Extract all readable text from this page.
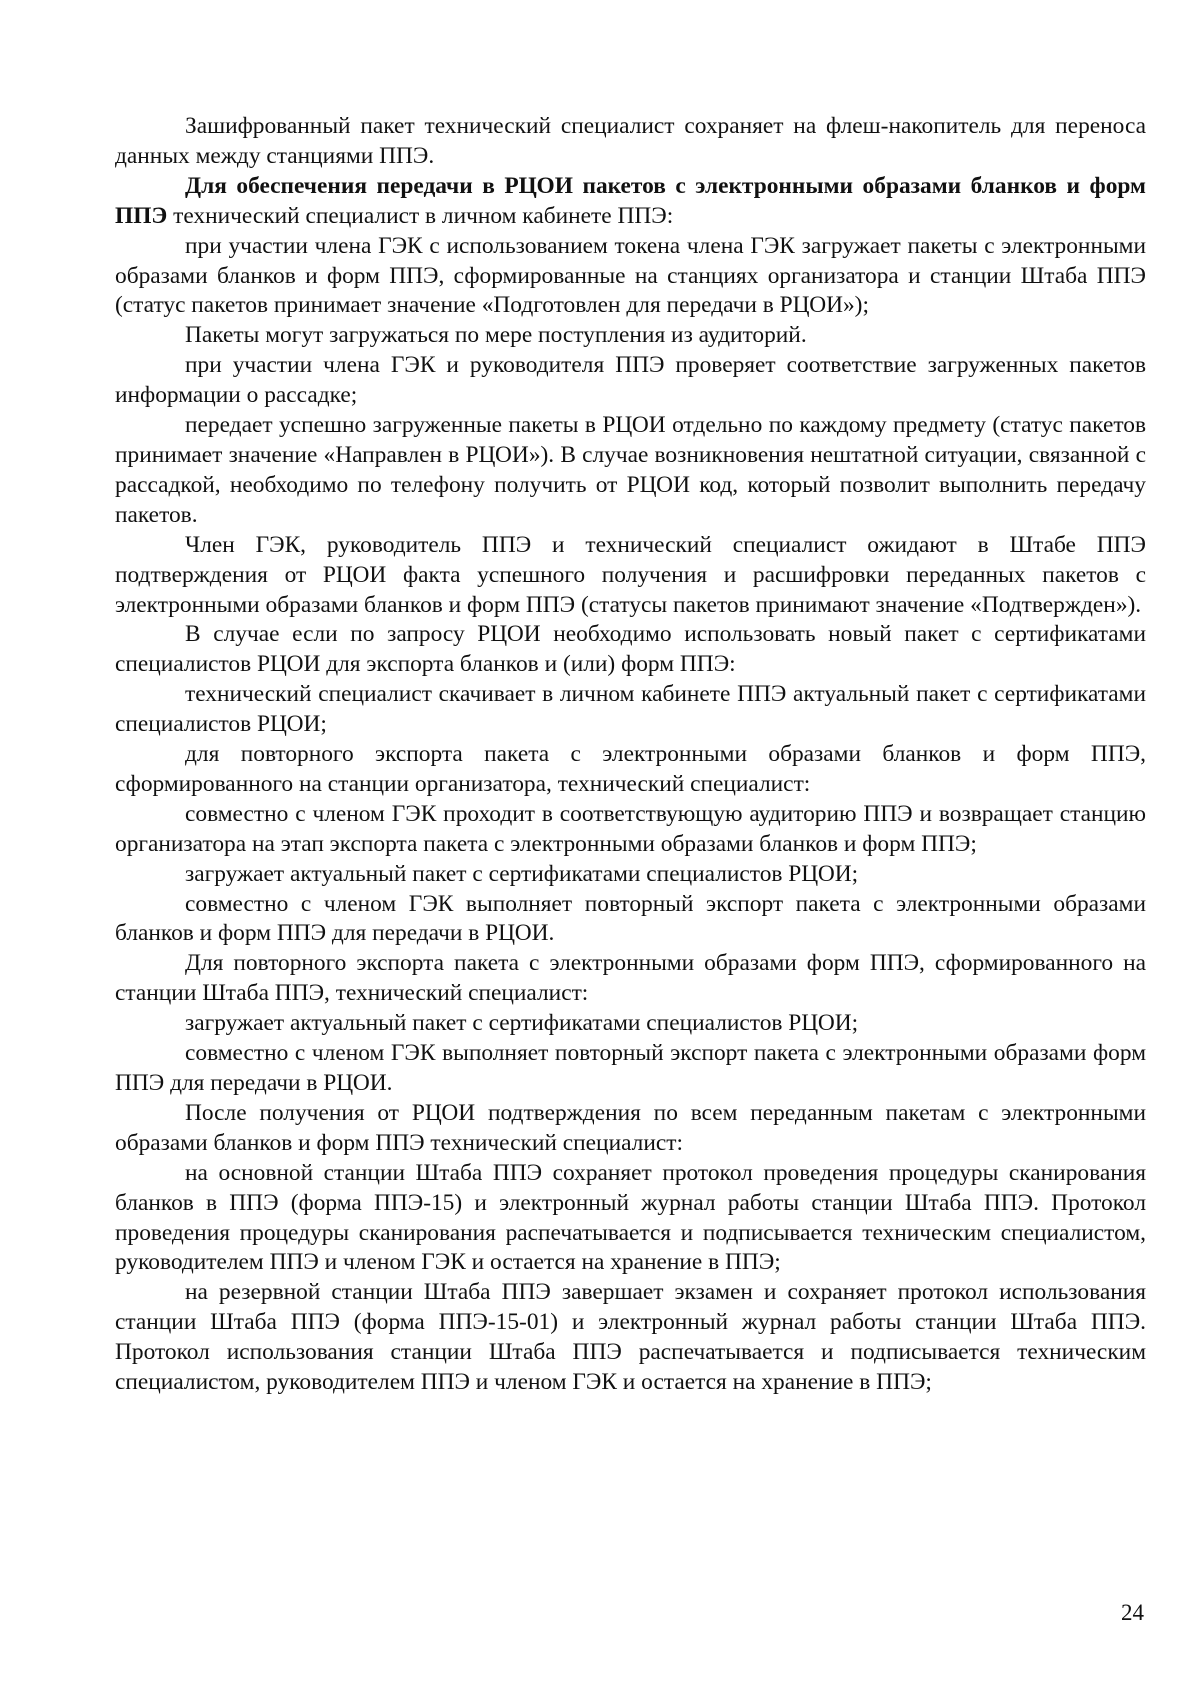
Зашифрованный пакет технический специалист сохраняет на флеш-накопитель для переноса данных между станциями ППЭ.

Для обеспечения передачи в РЦОИ пакетов с электронными образами бланков и форм ППЭ технический специалист в личном кабинете ППЭ:

при участии члена ГЭК с использованием токена члена ГЭК загружает пакеты с электронными образами бланков и форм ППЭ, сформированные на станциях организатора и станции Штаба ППЭ (статус пакетов принимает значение «Подготовлен для передачи в РЦОИ»);

Пакеты могут загружаться по мере поступления из аудиторий.

при участии члена ГЭК и руководителя ППЭ проверяет соответствие загруженных пакетов информации о рассадке;

передает успешно загруженные пакеты в РЦОИ отдельно по каждому предмету (статус пакетов принимает значение «Направлен в РЦОИ»). В случае возникновения нештатной ситуации, связанной с рассадкой, необходимо по телефону получить от РЦОИ код, который позволит выполнить передачу пакетов.

Член ГЭК, руководитель ППЭ и технический специалист ожидают в Штабе ППЭ подтверждения от РЦОИ факта успешного получения и расшифровки переданных пакетов с электронными образами бланков и форм ППЭ (статусы пакетов принимают значение «Подтвержден»).

В случае если по запросу РЦОИ необходимо использовать новый пакет с сертификатами специалистов РЦОИ для экспорта бланков и (или) форм ППЭ:

технический специалист скачивает в личном кабинете ППЭ актуальный пакет с сертификатами специалистов РЦОИ;

для повторного экспорта пакета с электронными образами бланков и форм ППЭ, сформированного на станции организатора, технический специалист:

совместно с членом ГЭК проходит в соответствующую аудиторию ППЭ и возвращает станцию организатора на этап экспорта пакета с электронными образами бланков и форм ППЭ;

загружает актуальный пакет с сертификатами специалистов РЦОИ;

совместно с членом ГЭК выполняет повторный экспорт пакета с электронными образами бланков и форм ППЭ для передачи в РЦОИ.

Для повторного экспорта пакета с электронными образами форм ППЭ, сформированного на станции Штаба ППЭ, технический специалист:

загружает актуальный пакет с сертификатами специалистов РЦОИ;

совместно с членом ГЭК выполняет повторный экспорт пакета с электронными образами форм ППЭ для передачи в РЦОИ.

После получения от РЦОИ подтверждения по всем переданным пакетам с электронными образами бланков и форм ППЭ технический специалист:

на основной станции Штаба ППЭ сохраняет протокол проведения процедуры сканирования бланков в ППЭ (форма ППЭ-15) и электронный журнал работы станции Штаба ППЭ. Протокол проведения процедуры сканирования распечатывается и подписывается техническим специалистом, руководителем ППЭ и членом ГЭК и остается на хранение в ППЭ;

на резервной станции Штаба ППЭ завершает экзамен и сохраняет протокол использования станции Штаба ППЭ (форма ППЭ-15-01) и электронный журнал работы станции Штаба ППЭ. Протокол использования станции Штаба ППЭ распечатывается и подписывается техническим специалистом, руководителем ППЭ и членом ГЭК и остается на хранение в ППЭ;

24
